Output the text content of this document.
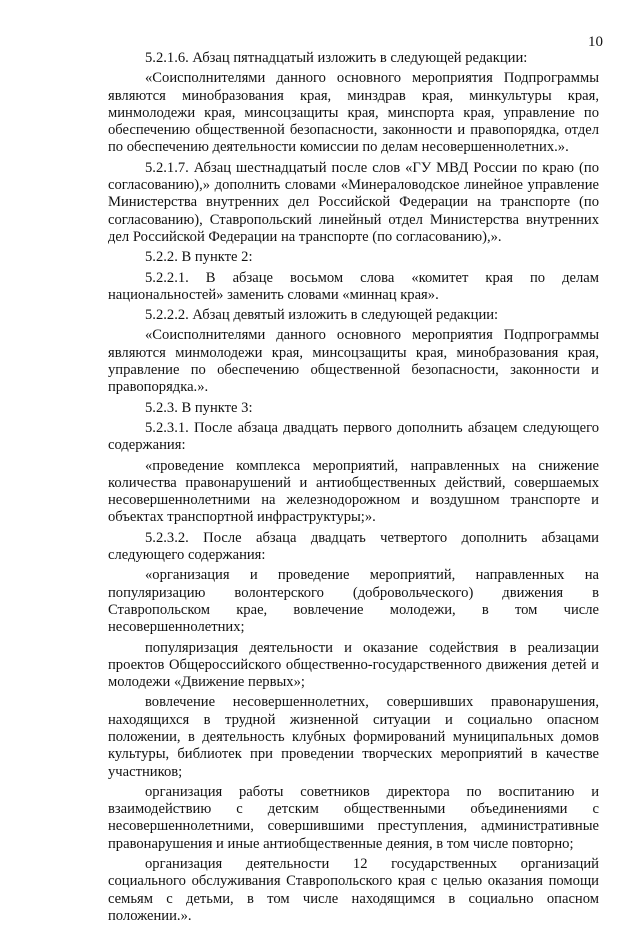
10

5.2.1.6. Абзац пятнадцатый изложить в следующей редакции:

«Соисполнителями данного основного мероприятия Подпрограммы являются минобразования края, минздрав края, минкультуры края, минмолодежи края, минсоцзащиты края, минспорта края, управление по обеспечению общественной безопасности, законности и правопорядка, отдел по обеспечению деятельности комиссии по делам несовершеннолетних.».

5.2.1.7. Абзац шестнадцатый после слов «ГУ МВД России по краю (по согласованию),» дополнить словами «Минераловодское линейное управление Министерства внутренних дел Российской Федерации на транспорте (по согласованию), Ставропольский линейный отдел Министерства внутренних дел Российской Федерации на транспорте (по согласованию),».

5.2.2. В пункте 2:

5.2.2.1. В абзаце восьмом слова «комитет края по делам национальностей» заменить словами «миннац края».

5.2.2.2. Абзац девятый изложить в следующей редакции:

«Соисполнителями данного основного мероприятия Подпрограммы являются минмолодежи края, минсоцзащиты края, минобразования края, управление по обеспечению общественной безопасности, законности и правопорядка.».

5.2.3. В пункте 3:

5.2.3.1. После абзаца двадцать первого дополнить абзацем следующего содержания:

«проведение комплекса мероприятий, направленных на снижение количества правонарушений и антиобщественных действий, совершаемых несовершеннолетними на железнодорожном и воздушном транспорте и объектах транспортной инфраструктуры;».

5.2.3.2. После абзаца двадцать четвертого дополнить абзацами следующего содержания:

«организация и проведение мероприятий, направленных на популяризацию волонтерского (добровольческого) движения в Ставропольском крае, вовлечение молодежи, в том числе несовершеннолетних;

популяризация деятельности и оказание содействия в реализации проектов Общероссийского общественно-государственного движения детей и молодежи «Движение первых»;

вовлечение несовершеннолетних, совершивших правонарушения, находящихся в трудной жизненной ситуации и социально опасном положении, в деятельность клубных формирований муниципальных домов культуры, библиотек при проведении творческих мероприятий в качестве участников;

организация работы советников директора по воспитанию и взаимодействию с детским общественными объединениями с несовершеннолетними, совершившими преступления, административные правонарушения и иные антиобщественные деяния, в том числе повторно;

организация деятельности 12 государственных организаций социального обслуживания Ставропольского края с целью оказания помощи семьям с детьми, в том числе находящимся в социально опасном положении.».
